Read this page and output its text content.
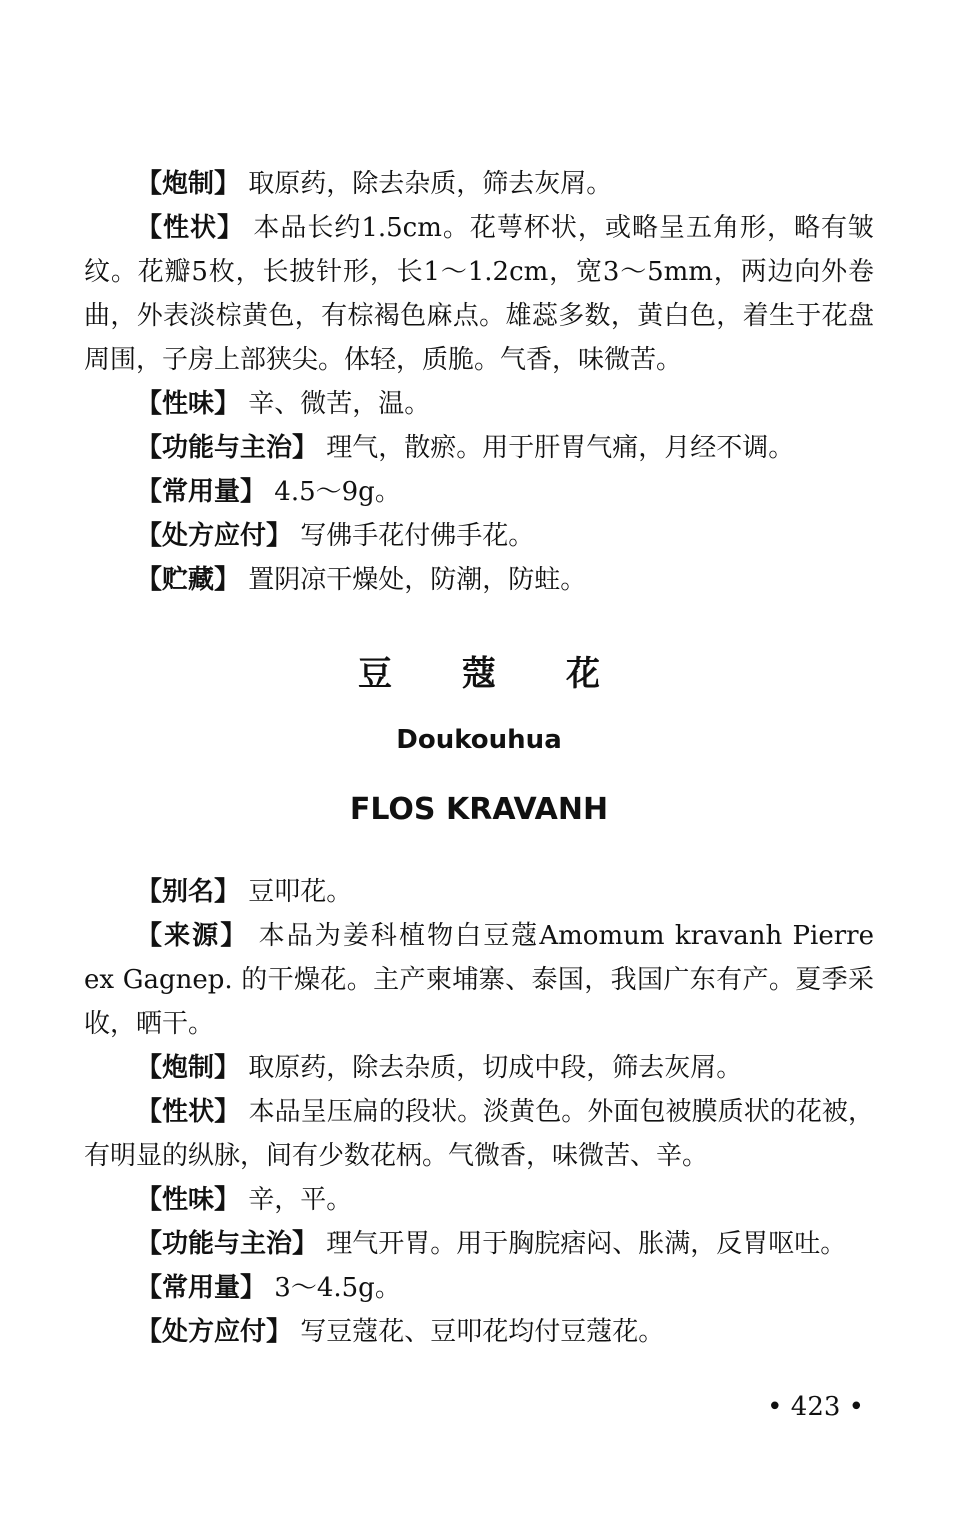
【炮制】 取原药，除去杂质，筛去灰屑。

【性状】 本品长约1.5cm。花萼杯状，或略呈五角形，略有皱纹。花瓣5枚，长披针形，长1～1.2cm，宽3～5mm，两边向外卷曲，外表淡棕黄色，有棕褐色麻点。雄蕊多数，黄白色，着生于花盘周围，子房上部狭尖。体轻，质脆。气香，味微苦。

【性味】 辛、微苦，温。

【功能与主治】 理气，散瘀。用于肝胃气痛，月经不调。

【常用量】 4.5～9g。

【处方应付】 写佛手花付佛手花。

【贮藏】 置阴凉干燥处，防潮，防蛀。

豆蔻花
Doukouhua
FLOS KRAVANH

【别名】 豆叩花。

【来源】 本品为姜科植物白豆蔻Amomum kravanh Pierre ex Gagnep. 的干燥花。主产柬埔寨、泰国，我国广东有产。夏季采收，晒干。

【炮制】 取原药，除去杂质，切成中段，筛去灰屑。

【性状】 本品呈压扁的段状。淡黄色。外面包被膜质状的花被，有明显的纵脉，间有少数花柄。气微香，味微苦、辛。

【性味】 辛，平。

【功能与主治】 理气开胃。用于胸脘痞闷、胀满，反胃呕吐。

【常用量】 3～4.5g。

【处方应付】 写豆蔻花、豆叩花均付豆蔻花。

• 423 •
